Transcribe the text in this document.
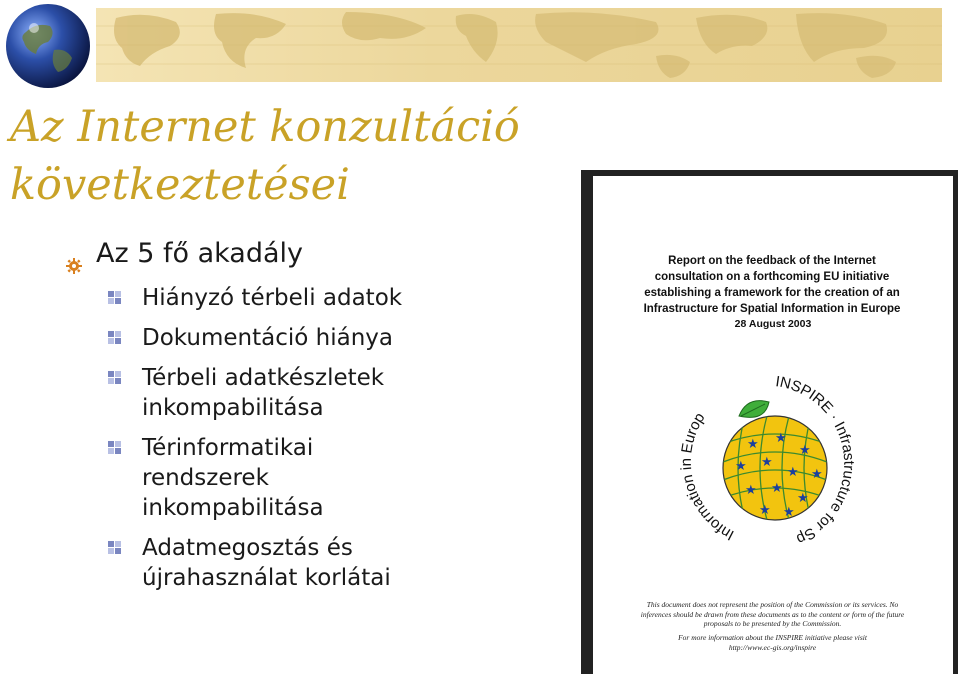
Az Internet konzultáció
következtetései
Az 5 fő akadály
Hiányzó térbeli adatok
Dokumentáció hiánya
Térbeli adatkészletek
inkompabilitása
Térinformatikai
rendszerek
inkompabilitása
Adatmegosztás és
újrahasználat korlátai
Report on the feedback of the Internet
consultation on a forthcoming EU initiative
establishing a framework for the creation of an
Infrastructure for Spatial Information in Europe
28 August 2003
★ ★
★
★ ★
★ ★
★ ★
★
★ ★
INSPIRE · Infrastructure for Sp
Information in Europ
This document does not represent the position of the Commission or its services. No inferences should be drawn from these documents as to the content or form of the future proposals to be presented by the Commission.
For more information about the INSPIRE initiative please visit
http://www.ec-gis.org/inspire
